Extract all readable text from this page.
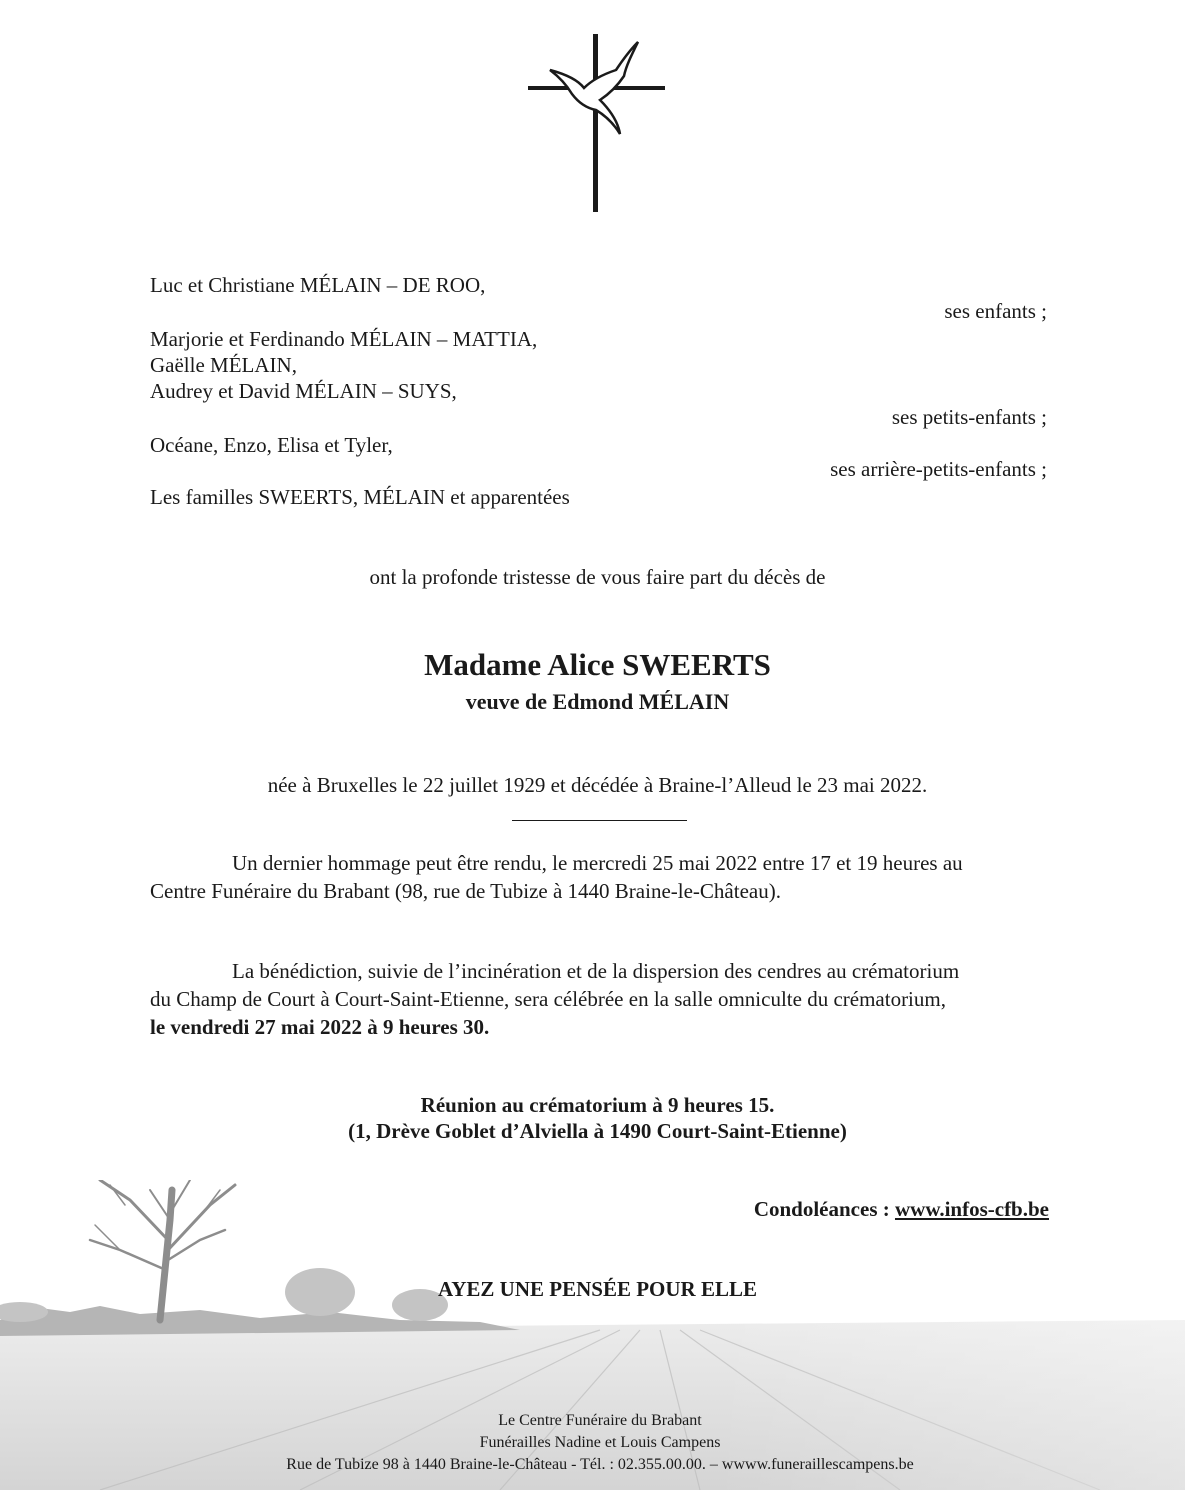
Luc et Christiane MÉLAIN – DE ROO,
ses enfants ;
Marjorie et Ferdinando MÉLAIN – MATTIA,
Gaëlle MÉLAIN,
Audrey et David MÉLAIN – SUYS,
ses petits-enfants ;
Océane, Enzo, Elisa et Tyler,
ses arrière-petits-enfants ;
Les familles SWEERTS, MÉLAIN et apparentées
ont la profonde tristesse de vous faire part du décès de
Madame Alice SWEERTS
veuve de Edmond MÉLAIN
née à Bruxelles le 22 juillet 1929 et décédée à Braine-l’Alleud le 23 mai 2022.
Un dernier hommage peut être rendu, le mercredi 25 mai 2022 entre 17 et 19 heures au
Centre Funéraire du Brabant (98, rue de Tubize à 1440 Braine-le-Château).
La bénédiction, suivie de l’incinération et de la dispersion des cendres au crématorium
du Champ de Court à Court-Saint-Etienne, sera célébrée en la salle omniculte du crématorium,
le vendredi 27 mai 2022 à 9 heures 30.
Réunion au crématorium à 9 heures 15.
(1, Drève Goblet d’Alviella à 1490 Court-Saint-Etienne)
Condoléances : www.infos-cfb.be
AYEZ UNE PENSÉE POUR ELLE
Le Centre Funéraire du Brabant
Funérailles Nadine et Louis Campens
Rue de Tubize 98 à 1440 Braine-le-Château - Tél. : 02.355.00.00. – wwww.funeraillescampens.be
